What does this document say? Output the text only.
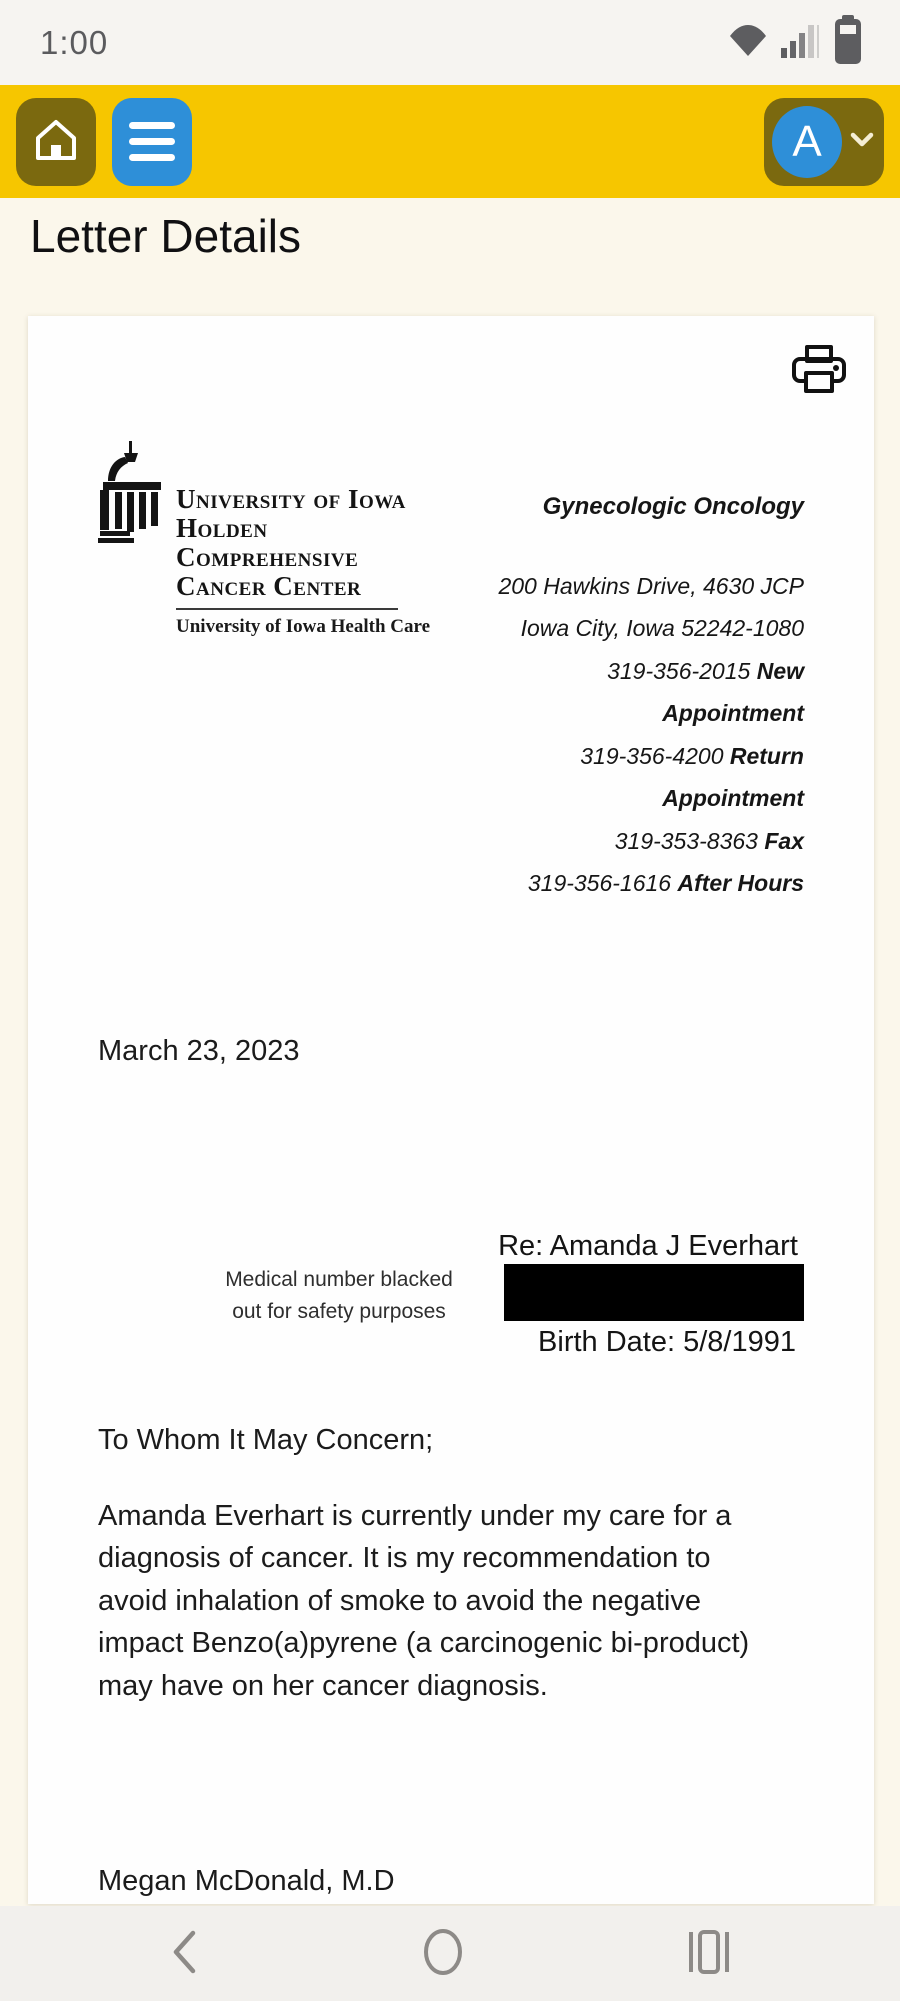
1:00
A
Letter Details
University of Iowa
Holden
Comprehensive
Cancer Center
University of Iowa Health Care
Gynecologic Oncology
200 Hawkins Drive, 4630 JCP
Iowa City, Iowa 52242-1080
319-356-2015 New Appointment
319-356-4200 Return Appointment
319-353-8363 Fax
319-356-1616 After Hours
March 23, 2023
Medical number blacked
out for safety purposes
Re: Amanda J Everhart
Birth Date: 5/8/1991
To Whom It May Concern;
Amanda Everhart is currently under my care for a
diagnosis of cancer. It is my recommendation to
avoid inhalation of smoke to avoid the negative
impact Benzo(a)pyrene (a carcinogenic bi-product)
may have on her cancer diagnosis.
Megan McDonald, M.D
